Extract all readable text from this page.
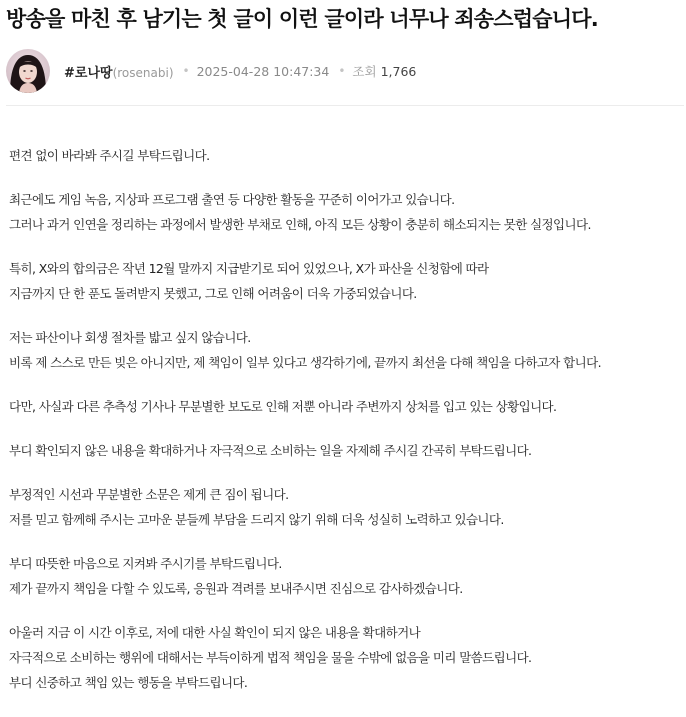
방송을 마친 후 남기는 첫 글이 이런 글이라 너무나 죄송스럽습니다.
#로나땅(rosenabi) • 2025-04-28 10:47:34 • 조회 1,766

편견 없이 바라봐 주시길 부탁드립니다.

최근에도 게임 녹음, 지상파 프로그램 출연 등 다양한 활동을 꾸준히 이어가고 있습니다.
그러나 과거 인연을 정리하는 과정에서 발생한 부채로 인해, 아직 모든 상황이 충분히 해소되지는 못한 실정입니다.

특히, X와의 합의금은 작년 12월 말까지 지급받기로 되어 있었으나, X가 파산을 신청함에 따라
지금까지 단 한 푼도 돌려받지 못했고, 그로 인해 어려움이 더욱 가중되었습니다.

저는 파산이나 회생 절차를 밟고 싶지 않습니다.
비록 제 스스로 만든 빚은 아니지만, 제 책임이 일부 있다고 생각하기에, 끝까지 최선을 다해 책임을 다하고자 합니다.

다만, 사실과 다른 추측성 기사나 무분별한 보도로 인해 저뿐 아니라 주변까지 상처를 입고 있는 상황입니다.

부디 확인되지 않은 내용을 확대하거나 자극적으로 소비하는 일을 자제해 주시길 간곡히 부탁드립니다.

부정적인 시선과 무분별한 소문은 제게 큰 짐이 됩니다.
저를 믿고 함께해 주시는 고마운 분들께 부담을 드리지 않기 위해 더욱 성실히 노력하고 있습니다.

부디 따뜻한 마음으로 지켜봐 주시기를 부탁드립니다.
제가 끝까지 책임을 다할 수 있도록, 응원과 격려를 보내주시면 진심으로 감사하겠습니다.

아울러 지금 이 시간 이후로, 저에 대한 사실 확인이 되지 않은 내용을 확대하거나
자극적으로 소비하는 행위에 대해서는 부득이하게 법적 책임을 물을 수밖에 없음을 미리 말씀드립니다.
부디 신중하고 책임 있는 행동을 부탁드립니다.
